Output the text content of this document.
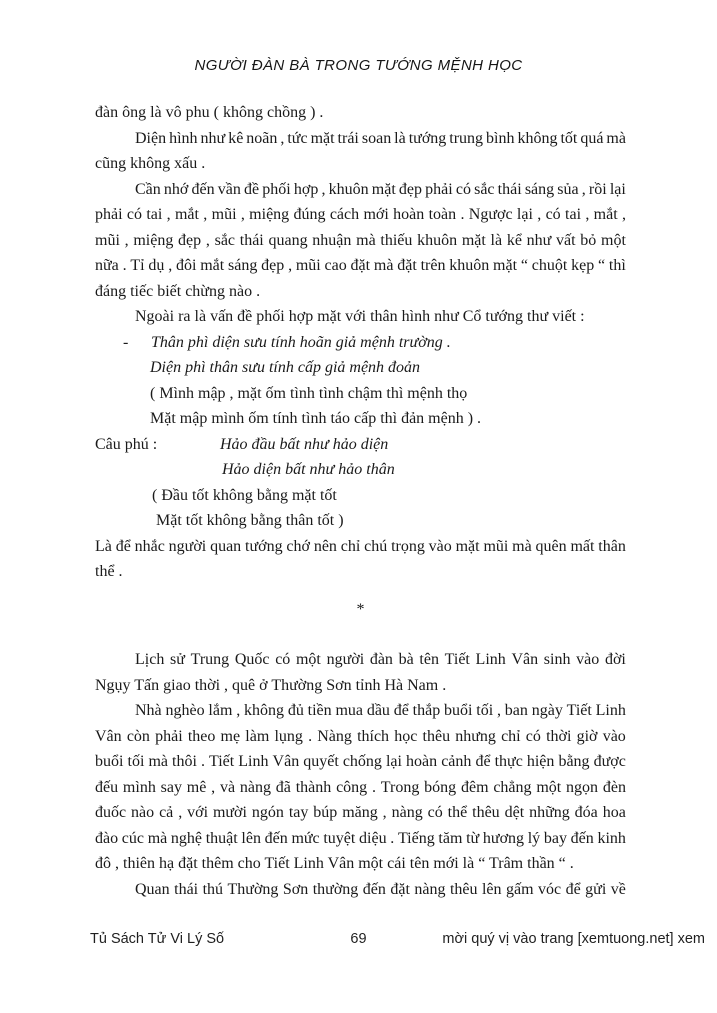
NGƯỜI ĐÀN BÀ TRONG TƯỚNG MỆNH HỌC
đàn ông là vô phu ( không chồng ) .
Diện hình như kê noãn , tức mặt trái soan là tướng trung bình không tốt quá mà
cũng không xấu .
Cần nhớ đến vần đề phối hợp , khuôn mặt đẹp phải có sắc thái sáng sủa , rồi lại
phải có tai , mắt , mũi , miệng đúng cách mới hoàn toàn . Ngược lại , có tai , mắt ,
mũi , miệng đẹp , sắc thái quang nhuận mà thiếu khuôn mặt là kể như vất bỏ một
nữa . Tỉ dụ , đôi mắt sáng đẹp , mũi cao đặt mà đặt trên khuôn mặt “ chuột kẹp “ thì
đáng tiếc biết chừng nào .
Ngoài ra là vấn đề phối hợp mặt với thân hình như Cổ tướng thư viết :
- Thân phì diện sưu tính hoãn giả mệnh trường .
Diện phì thân sưu tính cấp giả mệnh đoản
( Mình mập , mặt ốm tình tình chậm thì mệnh thọ
Mặt mập mình ốm tính tình táo cấp thì đản mệnh ) .
Câu phú :	Hảo đầu bất như hảo diện
Hảo diện bất như hảo thân
( Đầu tốt không bằng mặt tốt
Mặt tốt không bằng thân tốt )
Là để nhắc người quan tướng chớ nên chỉ chú trọng vào mặt mũi mà quên mất thân
thể .
*
Lịch sử Trung Quốc có một người đàn bà tên Tiết Linh Vân sinh vào đời
Ngụy Tấn giao thời , quê ở Thường Sơn tỉnh Hà Nam .
Nhà nghèo lắm , không đủ tiền mua dầu để thắp buổi tối , ban ngày Tiết Linh
Vân còn phải theo mẹ làm lụng . Nàng thích học thêu nhưng chỉ có thời giờ vào
buổi tối mà thôi . Tiết Linh Vân quyết chống lại hoàn cảnh để thực hiện bằng được
đếu mình say mê , và nàng đã thành công . Trong bóng đêm chẳng một ngọn đèn
đuốc nào cả , với mười ngón tay búp măng , nàng có thể thêu dệt những đóa hoa
đào cúc mà nghệ thuật lên đến mức tuyệt diệu . Tiếng tăm từ hương lý bay đến kinh
đô , thiên hạ đặt thêm cho Tiết Linh Vân một cái tên mới là “ Trâm thần “ .
Quan thái thú Thường Sơn thường đến đặt nàng thêu lên gấm vóc để gửi về
Tủ Sách Tử Vi Lý Số	69	mời quý vị vào trang [xemtuong.net] xem
